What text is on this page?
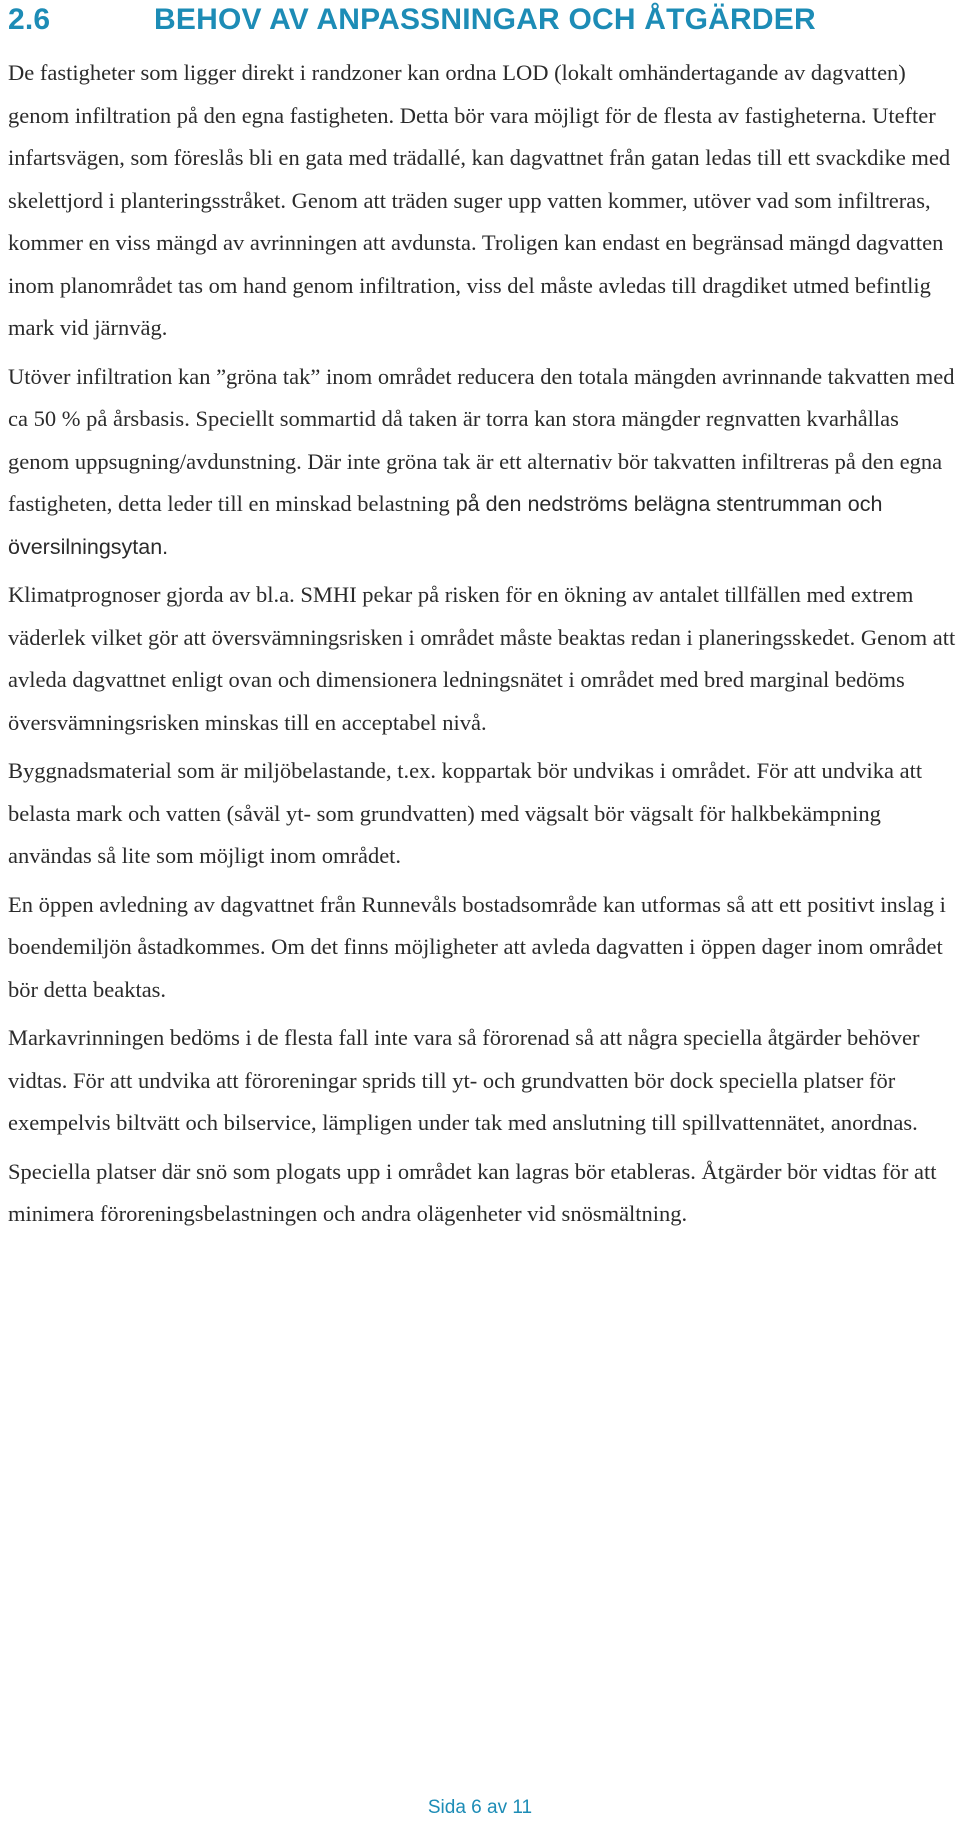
2.6	BEHOV AV ANPASSNINGAR OCH ÅTGÄRDER

De fastigheter som ligger direkt i randzoner kan ordna LOD (lokalt omhändertagande av dagvatten) genom infiltration på den egna fastigheten. Detta bör vara möjligt för de flesta av fastigheterna. Utefter infartsvägen, som föreslås bli en gata med trädallé, kan dagvattnet från gatan ledas till ett svackdike med skelettjord i planteringsstråket. Genom att träden suger upp vatten kommer, utöver vad som infiltreras, kommer en viss mängd av avrinningen att avdunsta. Troligen kan endast en begränsad mängd dagvatten inom planområdet tas om hand genom infiltration, viss del måste avledas till dragdiket utmed befintlig mark vid järnväg.

Utöver infiltration kan ”gröna tak” inom området reducera den totala mängden avrinnande takvatten med ca 50 % på årsbasis. Speciellt sommartid då taken är torra kan stora mängder regnvatten kvarhållas genom uppsugning/avdunstning. Där inte gröna tak är ett alternativ bör takvatten infiltreras på den egna fastigheten, detta leder till en minskad belastning på den nedströms belägna stentrumman och översilningsytan.

Klimatprognoser gjorda av bl.a. SMHI pekar på risken för en ökning av antalet tillfällen med extrem väderlek vilket gör att översvämningsrisken i området måste beaktas redan i planeringsskedet. Genom att avleda dagvattnet enligt ovan och dimensionera ledningsnätet i området med bred marginal bedöms översvämningsrisken minskas till en acceptabel nivå.

Byggnadsmaterial som är miljöbelastande, t.ex. koppartak bör undvikas i området. För att undvika att belasta mark och vatten (såväl yt- som grundvatten) med vägsalt bör vägsalt för halkbekämpning användas så lite som möjligt inom området.

En öppen avledning av dagvattnet från Runnevåls bostadsområde kan utformas så att ett positivt inslag i boendemiljön åstadkommes. Om det finns möjligheter att avleda dagvatten i öppen dager inom området bör detta beaktas.

Markavrinningen bedöms i de flesta fall inte vara så förorenad så att några speciella åtgärder behöver vidtas. För att undvika att föroreningar sprids till yt- och grundvatten bör dock speciella platser för exempelvis biltvätt och bilservice, lämpligen under tak med anslutning till spillvattennätet, anordnas.

Speciella platser där snö som plogats upp i området kan lagras bör etableras. Åtgärder bör vidtas för att minimera föroreningsbelastningen och andra olägenheter vid snösmältning.

Sida 6 av 11
